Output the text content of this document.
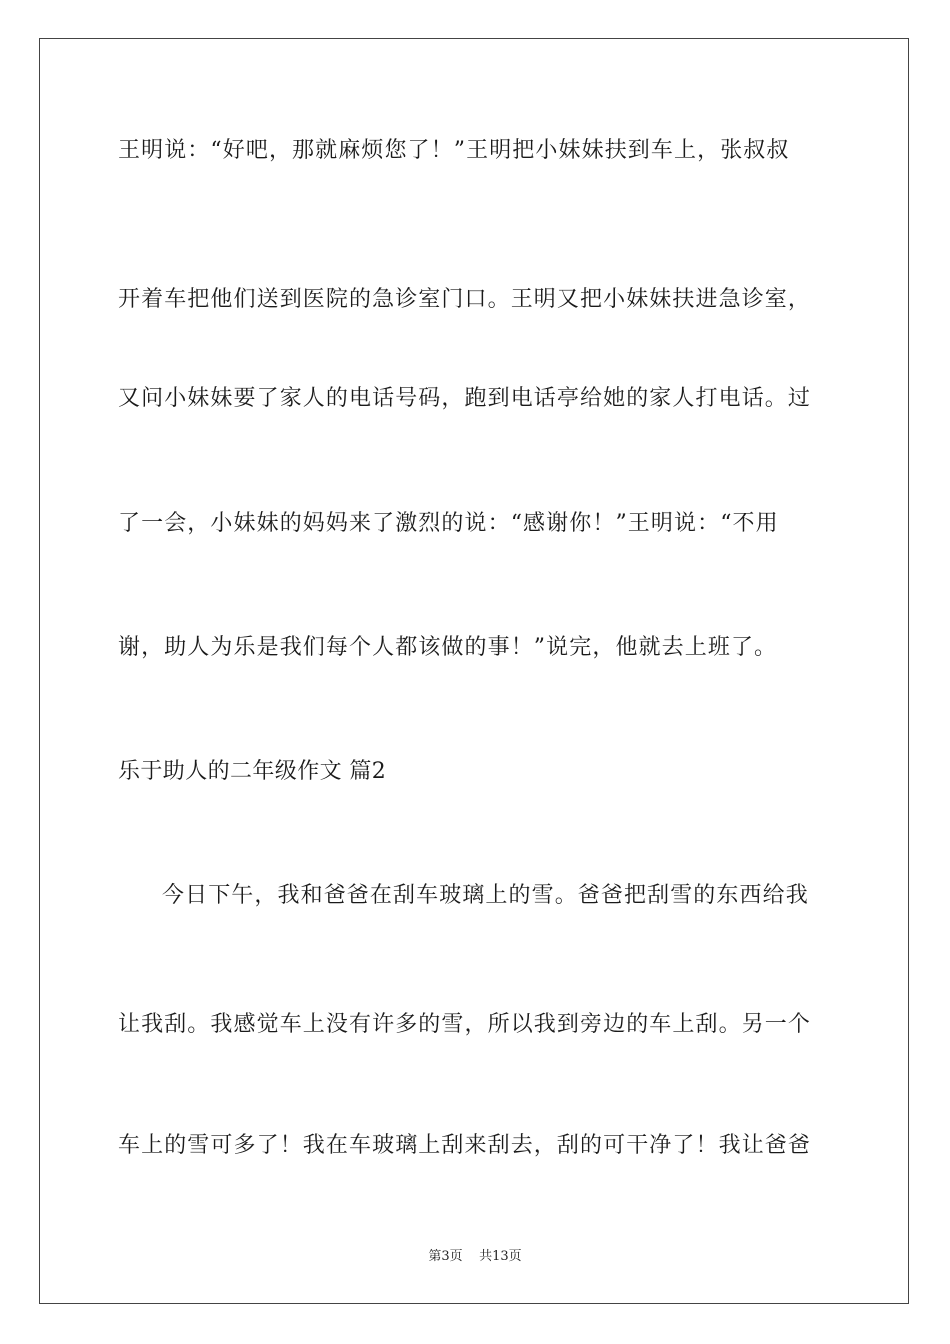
王明说：“好吧，那就麻烦您了！”王明把小妹妹扶到车上，张叔叔
开着车把他们送到医院的急诊室门口。王明又把小妹妹扶进急诊室，
又问小妹妹要了家人的电话号码，跑到电话亭给她的家人打电话。过
了一会，小妹妹的妈妈来了激烈的说：“感谢你！”王明说：“不用
谢，助人为乐是我们每个人都该做的事！”说完，他就去上班了。
乐于助人的二年级作文 篇2
今日下午，我和爸爸在刮车玻璃上的雪。爸爸把刮雪的东西给我
让我刮。我感觉车上没有许多的雪，所以我到旁边的车上刮。另一个
车上的雪可多了！我在车玻璃上刮来刮去，刮的可干净了！我让爸爸
第3页 共13页
